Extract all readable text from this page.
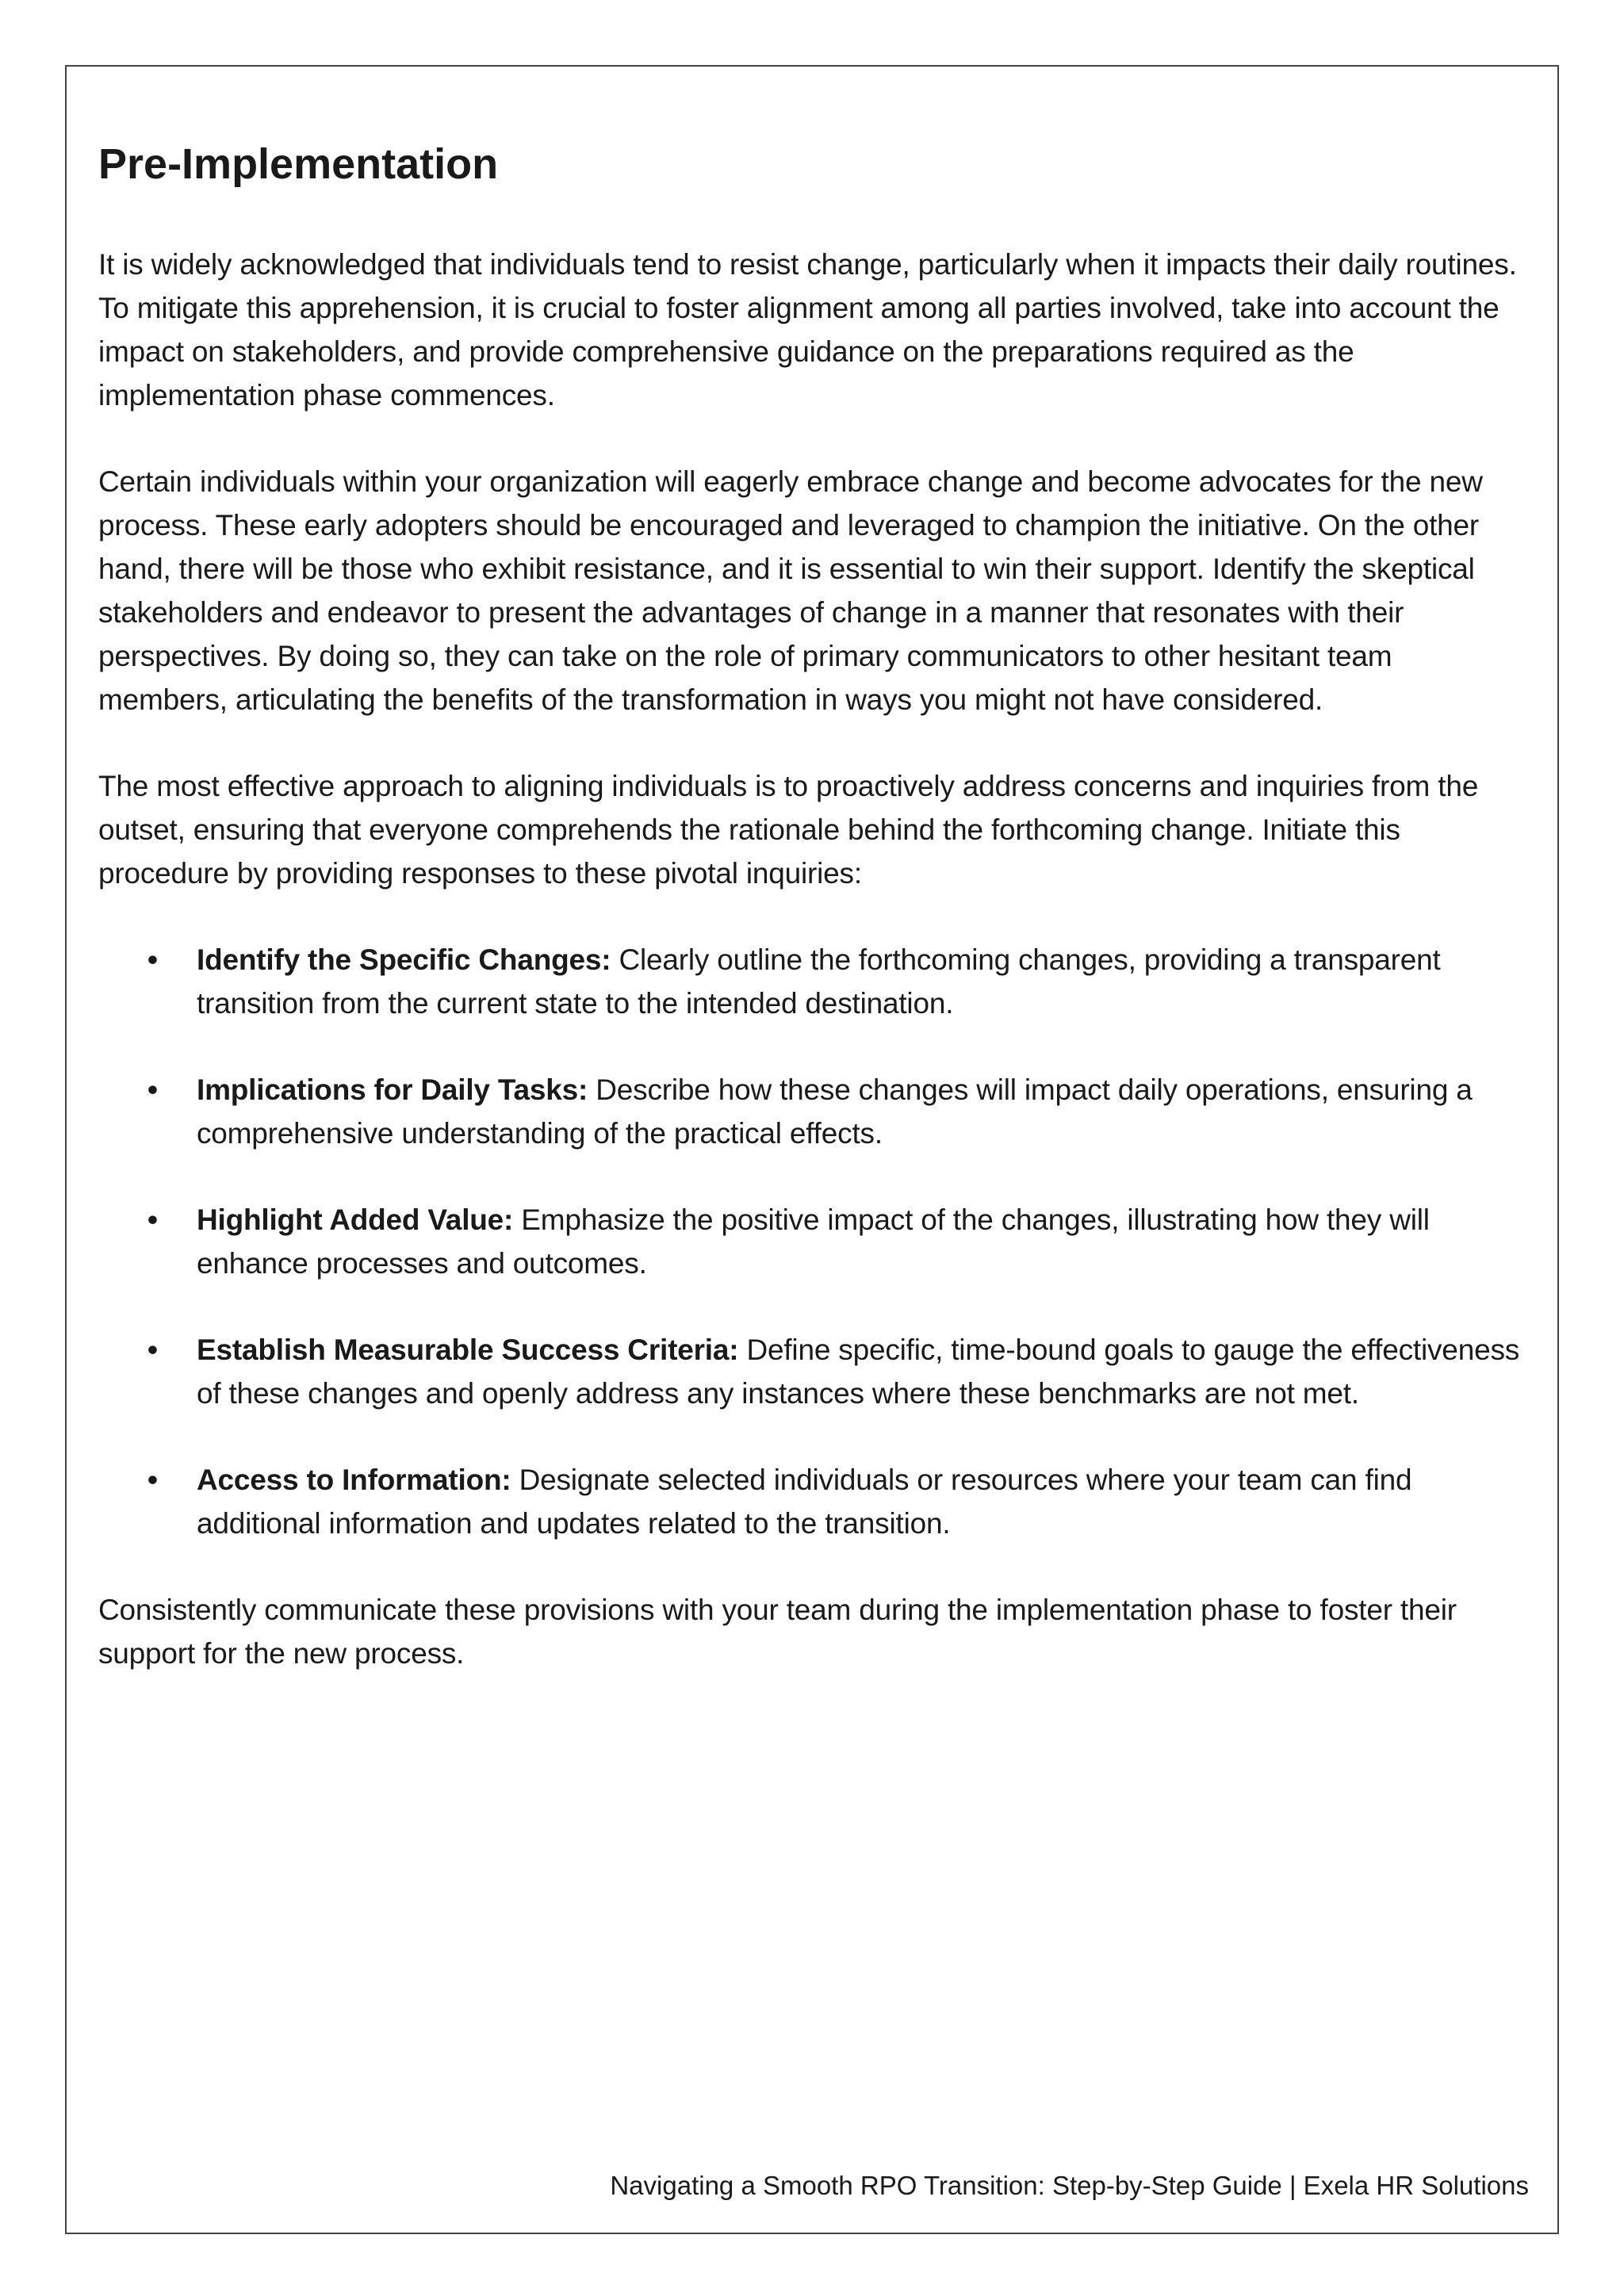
Pre-Implementation

It is widely acknowledged that individuals tend to resist change, particularly when it impacts their daily routines. To mitigate this apprehension, it is crucial to foster alignment among all parties involved, take into account the impact on stakeholders, and provide comprehensive guidance on the preparations required as the implementation phase commences.

Certain individuals within your organization will eagerly embrace change and become advocates for the new process. These early adopters should be encouraged and leveraged to champion the initiative. On the other hand, there will be those who exhibit resistance, and it is essential to win their support. Identify the skeptical stakeholders and endeavor to present the advantages of change in a manner that resonates with their perspectives. By doing so, they can take on the role of primary communicators to other hesitant team members, articulating the benefits of the transformation in ways you might not have considered.

The most effective approach to aligning individuals is to proactively address concerns and inquiries from the outset, ensuring that everyone comprehends the rationale behind the forthcoming change. Initiate this procedure by providing responses to these pivotal inquiries:

• Identify the Specific Changes: Clearly outline the forthcoming changes, providing a transparent transition from the current state to the intended destination.
• Implications for Daily Tasks: Describe how these changes will impact daily operations, ensuring a comprehensive understanding of the practical effects.
• Highlight Added Value: Emphasize the positive impact of the changes, illustrating how they will enhance processes and outcomes.
• Establish Measurable Success Criteria: Define specific, time-bound goals to gauge the effectiveness of these changes and openly address any instances where these benchmarks are not met.
• Access to Information: Designate selected individuals or resources where your team can find additional information and updates related to the transition.

Consistently communicate these provisions with your team during the implementation phase to foster their support for the new process.

Navigating a Smooth RPO Transition: Step-by-Step Guide | Exela HR Solutions
